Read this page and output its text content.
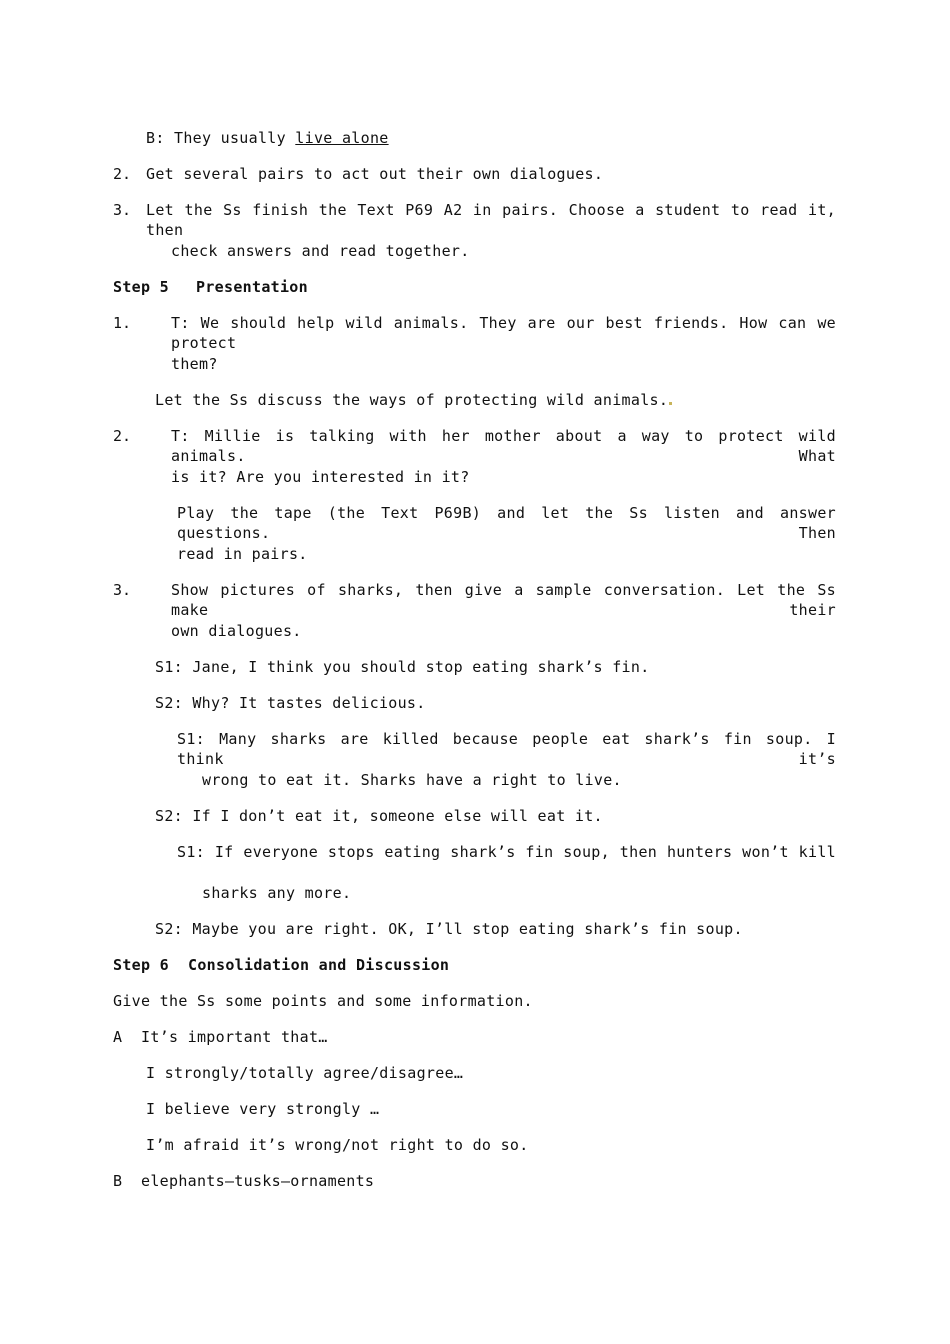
B: They usually live alone
2. Get several pairs to act out their own dialogues.
3. Let the Ss finish the Text P69 A2 in pairs. Choose a student to read it, then
check answers and read together.
Step 5 Presentation
1.	T: We should help wild animals. They are our best friends. How can we protect
them?
Let the Ss discuss the ways of protecting wild animals.
2.	T: Millie is talking with her mother about a way to protect wild animals. What
is it? Are you interested in it?
Play the tape (the Text P69B) and let the Ss listen and answer questions. Then
read in pairs.
3.	Show pictures of sharks, then give a sample conversation. Let the Ss make their
own dialogues.
S1: Jane, I think you should stop eating shark’s fin.
S2: Why? It tastes delicious.
S1: Many sharks are killed because people eat shark’s fin soup. I think it’s
wrong to eat it. Sharks have a right to live.
S2: If I don’t eat it, someone else will eat it.
S1: If everyone stops eating shark’s fin soup, then hunters won’t kill
sharks any more.
S2: Maybe you are right. OK, I’ll stop eating shark’s fin soup.
Step 6 Consolidation and Discussion
Give the Ss some points and some information.
A  It’s important that…
I strongly/totally agree/disagree…
I believe very strongly …
I’m afraid it’s wrong/not right to do so.
B  elephants—tusks—ornaments
